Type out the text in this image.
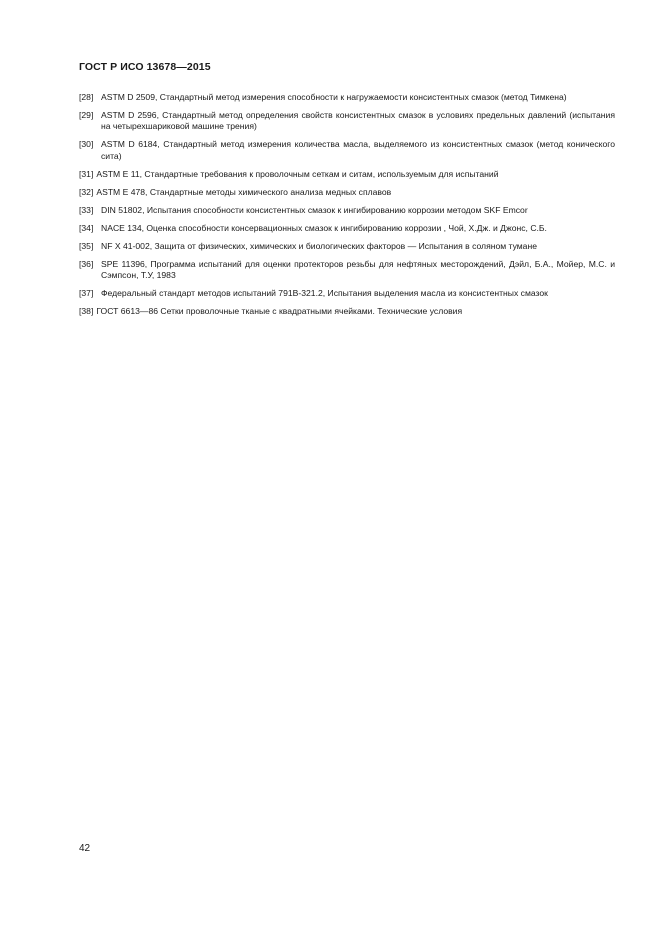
ГОСТ Р ИСО 13678—2015
[28] ASTM D 2509, Стандартный метод измерения способности к нагружаемости консистентных смазок (метод Тимкена)
[29] ASTM D 2596, Стандартный метод определения свойств консистентных смазок в условиях предельных давлений (испытания на четырехшариковой машине трения)
[30] ASTM D 6184, Стандартный метод измерения количества масла, выделяемого из консистентных смазок (метод конического сита)
[31] ASTM E 11, Стандартные требования к проволочным сеткам и ситам, используемым для испытаний
[32] ASTM E 478, Стандартные методы химического анализа медных сплавов
[33] DIN 51802, Испытания способности консистентных смазок к ингибированию коррозии методом SKF Emcor
[34] NACE 134, Оценка способности консервационных смазок к ингибированию коррозии , Чой, Х.Дж. и Джонс, С.Б.
[35] NF X 41-002, Защита от физических, химических и биологических факторов — Испытания в соляном тумане
[36] SPE 11396, Программа испытаний для оценки протекторов резьбы для нефтяных месторождений, Дэйл, Б.А., Мойер, М.С. и Сэмпсон, Т.У, 1983
[37] Федеральный стандарт методов испытаний 791B-321.2, Испытания выделения масла из консистентных смазок
[38] ГОСТ 6613—86 Сетки проволочные тканые с квадратными ячейками. Технические условия
42
